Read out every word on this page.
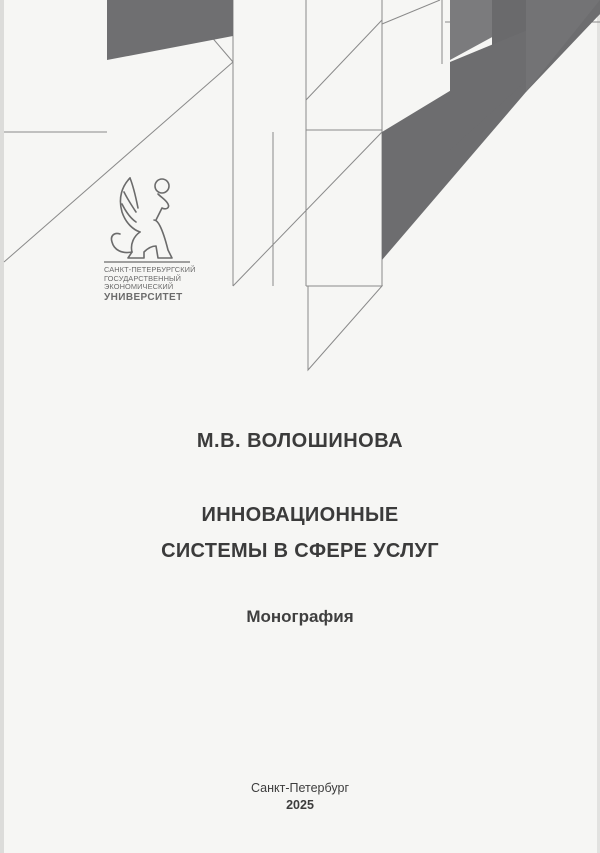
САНКТ-ПЕТЕРБУРГСКИЙ
ГОСУДАРСТВЕННЫЙ
ЭКОНОМИЧЕСКИЙ
УНИВЕРСИТЕТ
М.В. ВОЛОШИНОВА
ИННОВАЦИОННЫЕ
СИСТЕМЫ В СФЕРЕ УСЛУГ
Монография
Санкт-Петербург
2025
